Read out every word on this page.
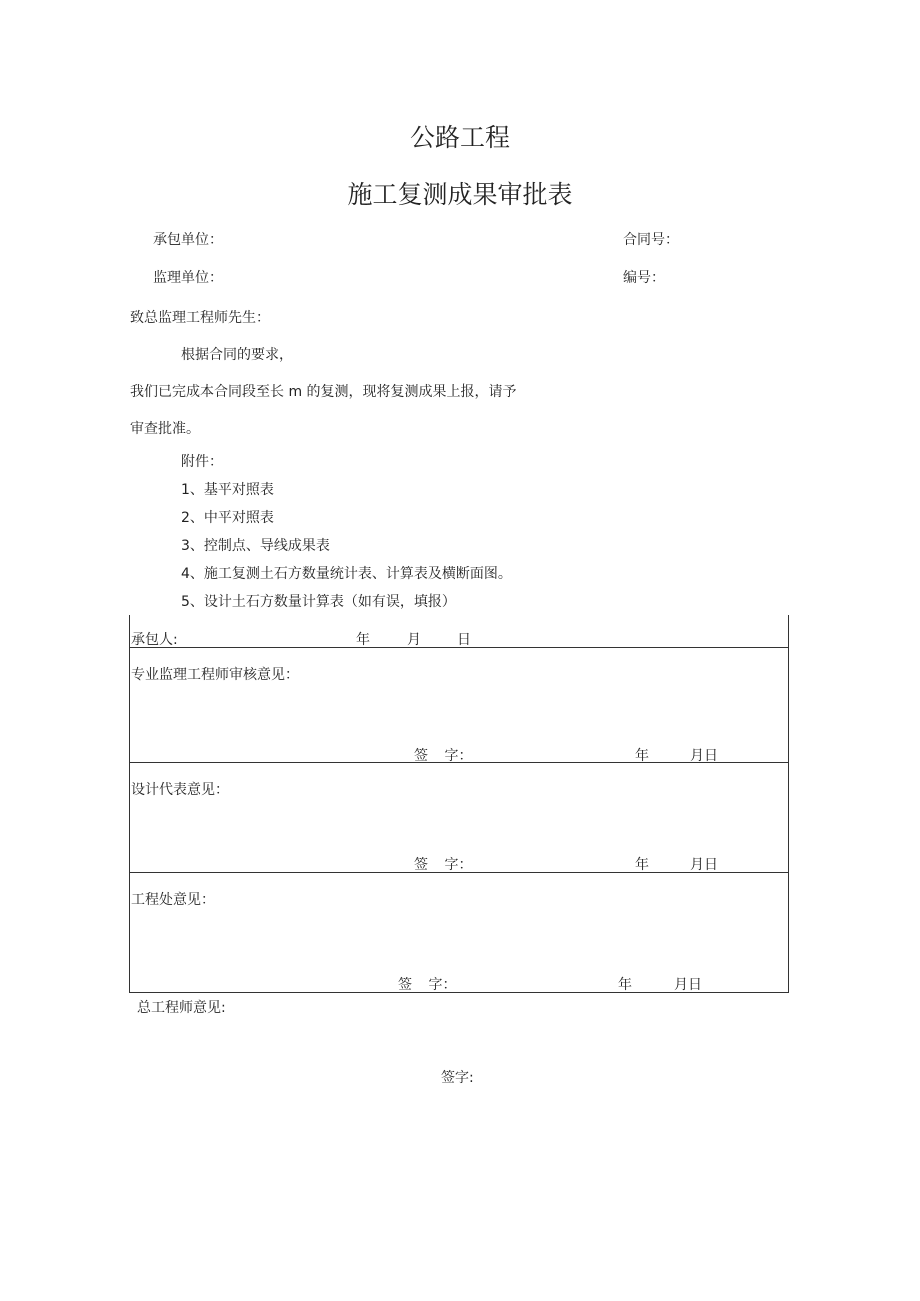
公路工程
施工复测成果审批表
承包单位：	合同号：
监理单位：	编号：
致总监理工程师先生：
根据合同的要求，
我们已完成本合同段至长 m 的复测，现将复测成果上报，请予
审查批准。
附件：
1、基平对照表
2、中平对照表
3、控制点、导线成果表
4、施工复测土石方数量统计表、计算表及横断面图。
5、设计土石方数量计算表（如有误，填报）
承包人:	年	月	日
专业监理工程师审核意见：
签 字：	年	月日
设计代表意见：
签 字：	年	月日
工程处意见：
签 字：	年	月日
总工程师意见:
签字:
